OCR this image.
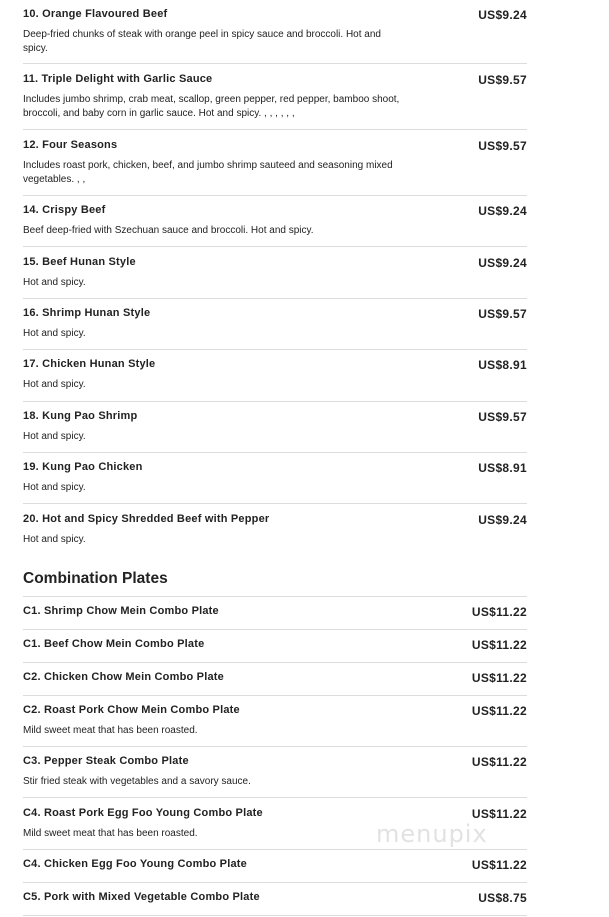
10. Orange Flavoured Beef	US$9.24
Deep-fried chunks of steak with orange peel in spicy sauce and broccoli. Hot and spicy.
11. Triple Delight with Garlic Sauce	US$9.57
Includes jumbo shrimp, crab meat, scallop, green pepper, red pepper, bamboo shoot, broccoli, and baby corn in garlic sauce. Hot and spicy. , , , , , ,
12. Four Seasons	US$9.57
Includes roast pork, chicken, beef, and jumbo shrimp sauteed and seasoning mixed vegetables. , ,
14. Crispy Beef	US$9.24
Beef deep-fried with Szechuan sauce and broccoli. Hot and spicy.
15. Beef Hunan Style	US$9.24
Hot and spicy.
16. Shrimp Hunan Style	US$9.57
Hot and spicy.
17. Chicken Hunan Style	US$8.91
Hot and spicy.
18. Kung Pao Shrimp	US$9.57
Hot and spicy.
19. Kung Pao Chicken	US$8.91
Hot and spicy.
20. Hot and Spicy Shredded Beef with Pepper	US$9.24
Hot and spicy.
Combination Plates
C1. Shrimp Chow Mein Combo Plate	US$11.22
C1. Beef Chow Mein Combo Plate	US$11.22
C2. Chicken Chow Mein Combo Plate	US$11.22
C2. Roast Pork Chow Mein Combo Plate	US$11.22
Mild sweet meat that has been roasted.
C3. Pepper Steak Combo Plate	US$11.22
Stir fried steak with vegetables and a savory sauce.
C4. Roast Pork Egg Foo Young Combo Plate	US$11.22
Mild sweet meat that has been roasted.
C4. Chicken Egg Foo Young Combo Plate	US$11.22
C5. Pork with Mixed Vegetable Combo Plate	US$8.75
menupix
